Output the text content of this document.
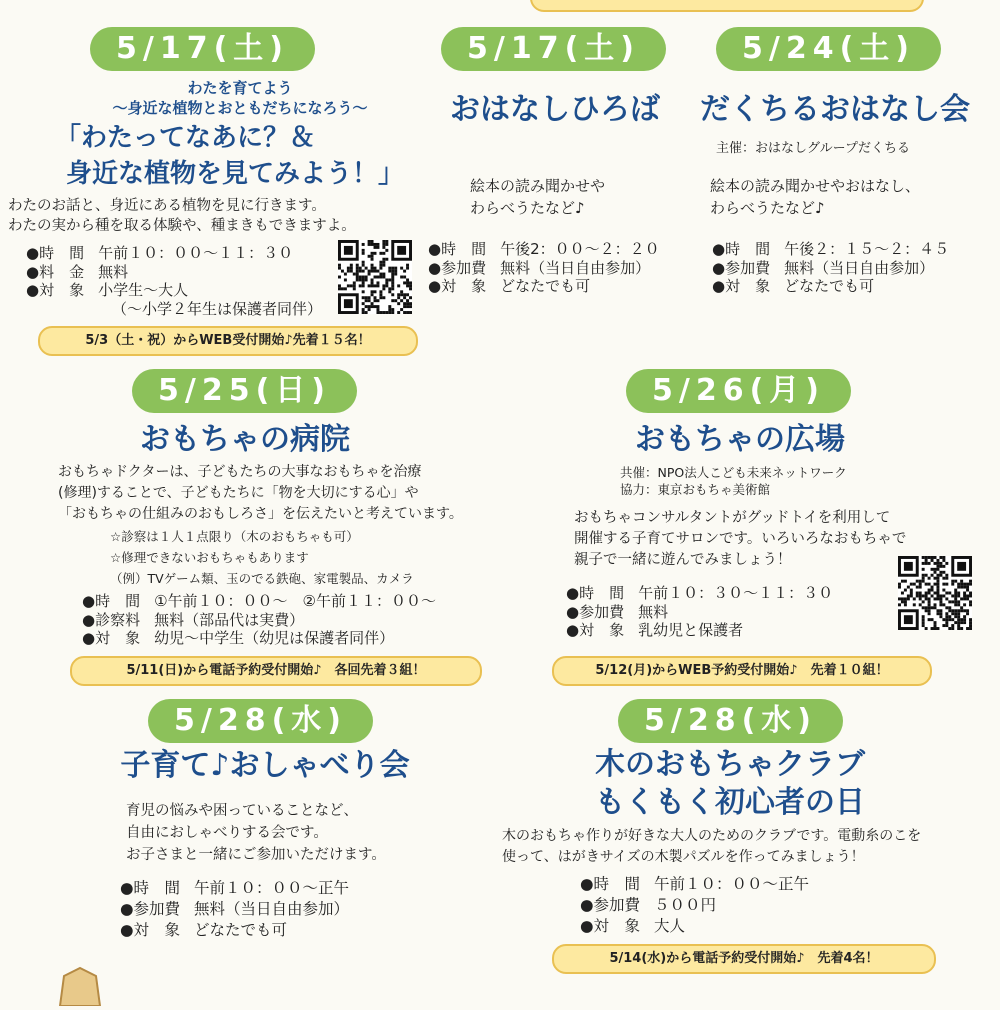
5/17(土)
わたを育てよう
〜身近な植物とおともだちになろう〜
「わたってなあに？＆
身近な植物を見てみよう！」
わたのお話と、身近にある植物を見に行きます。
わたの実から種を取る体験や、種まきもできますよ。
●時　間 午前１０：００〜１１：３０
●料　金 無料
●対　象 小学生〜大人
（〜小学２年生は保護者同伴）
5/3（土・祝）からWEB受付開始♪先着１５名！
5/17(土)
おはなしひろば
絵本の読み聞かせや
わらべうたなど♪
●時　間 午後2：００〜２：２０
●参加費 無料（当日自由参加）
●対　象 どなたでも可
5/24(土)
だくちるおはなし会
主催：おはなしグループだくちる
絵本の読み聞かせやおはなし、
わらべうたなど♪
●時　間 午後２：１５〜２：４５
●参加費 無料（当日自由参加）
●対　象 どなたでも可
5/25(日)
おもちゃの病院
おもちゃドクターは、子どもたちの大事なおもちゃを治療
(修理)することで、子どもたちに「物を大切にする心」や
「おもちゃの仕組みのおもしろさ」を伝えたいと考えています。
☆診察は１人１点限り（木のおもちゃも可）
☆修理できないおもちゃもあります
（例）TVゲーム類、玉のでる鉄砲、家電製品、カメラ
●時　間 ①午前１０：００〜　②午前１１：００〜
●診察料 無料（部品代は実費）
●対　象 幼児〜中学生（幼児は保護者同伴）
5/11(日)から電話予約受付開始♪　各回先着３組！
5/26(月)
おもちゃの広場
共催：NPO法人こども未来ネットワーク
協力：東京おもちゃ美術館
おもちゃコンサルタントがグッドトイを利用して
開催する子育てサロンです。いろいろなおもちゃで
親子で一緒に遊んでみましょう！
●時　間 午前１０：３０〜１１：３０
●参加費 無料
●対　象 乳幼児と保護者
5/12(月)からWEB予約受付開始♪　先着１０組！
5/28(水)
子育て♪おしゃべり会
育児の悩みや困っていることなど、
自由におしゃべりする会です。
お子さまと一緒にご参加いただけます。
●時　間 午前１０：００〜正午
●参加費 無料（当日自由参加）
●対　象 どなたでも可
5/28(水)
木のおもちゃクラブ
もくもく初心者の日
木のおもちゃ作りが好きな大人のためのクラブです。電動糸のこを
使って、はがきサイズの木製パズルを作ってみましょう！
●時　間 午前１０：００〜正午
●参加費 ５００円
●対　象 大人
5/14(水)から電話予約受付開始♪　先着4名！
